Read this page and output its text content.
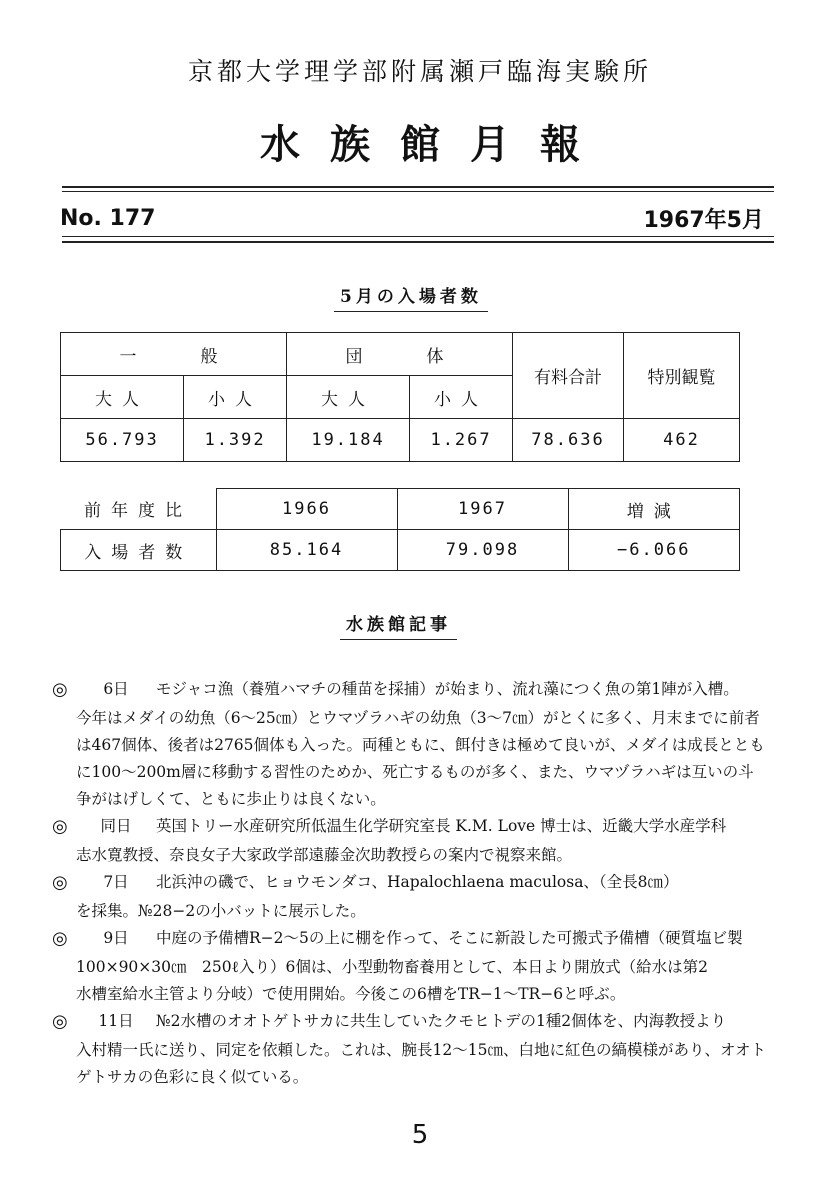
京都大学理学部附属瀬戸臨海実験所
水族館月報
No. 177	1967年5月
5月の入場者数
一　　般		団　　体		有料合計	特別観覧
大人	小人	大人	小人		
56.793	1.392	19.184	1.267	78.636	462
前年度比	1966	1967	増減
入場者数	85.164	79.098	−6.066
水族館記事
◎	6日	モジャコ漁（養殖ハマチの種苗を採捕）が始まり、流れ藻につく魚の第1陣が入槽。
今年はメダイの幼魚（6〜25㎝）とウマヅラハギの幼魚（3〜7㎝）がとくに多く、月末までに前者
は467個体、後者は2765個体も入った。両種ともに、餌付きは極めて良いが、メダイは成長ととも
に100〜200m層に移動する習性のためか、死亡するものが多く、また、ウマヅラハギは互いの斗
争がはげしくて、ともに歩止りは良くない。
◎	同日	英国トリー水産研究所低温生化学研究室長 K.M. Love 博士は、近畿大学水産学科
志水寛教授、奈良女子大家政学部遠藤金次助教授らの案内で視察来館。
◎	7日	北浜沖の磯で、ヒョウモンダコ、Hapalochlaena maculosa、（全長8㎝）
を採集。№28−2の小バットに展示した。
◎	9日	中庭の予備槽R−2〜5の上に棚を作って、そこに新設した可搬式予備槽（硬質塩ビ製
100×90×30㎝　250ℓ入り）6個は、小型動物畜養用として、本日より開放式（給水は第2
水槽室給水主管より分岐）で使用開始。今後この6槽をTR−1〜TR−6と呼ぶ。
◎	11日	№2水槽のオオトゲトサカに共生していたクモヒトデの1種2個体を、内海教授より
入村精一氏に送り、同定を依頼した。これは、腕長12〜15㎝、白地に紅色の縞模様があり、オオト
ゲトサカの色彩に良く似ている。
5
